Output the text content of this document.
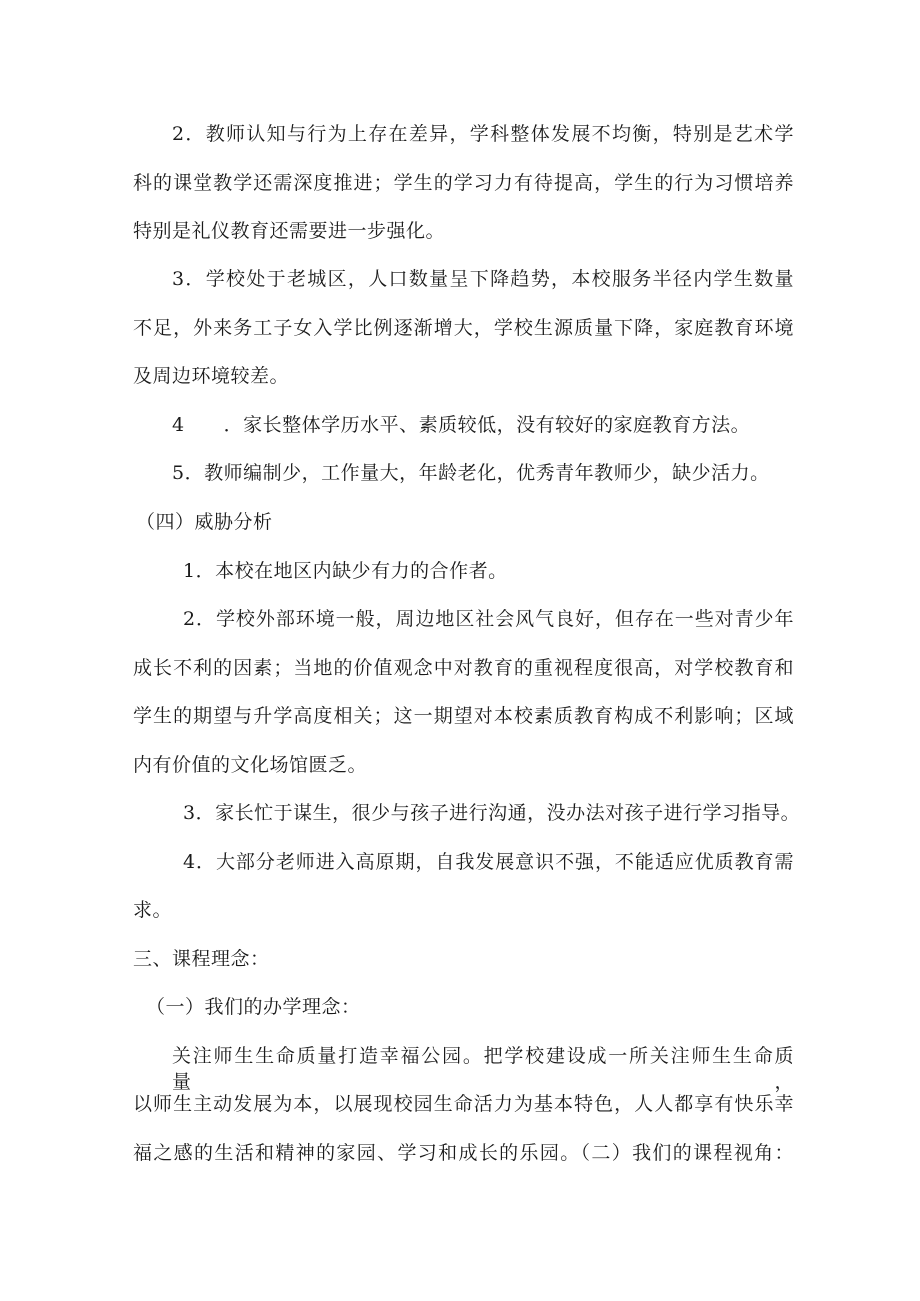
2．教师认知与行为上存在差异，学科整体发展不均衡，特别是艺术学
科的课堂教学还需深度推进；学生的学习力有待提高，学生的行为习惯培养
特别是礼仪教育还需要进一步强化。
3．学校处于老城区，人口数量呈下降趋势，本校服务半径内学生数量
不足，外来务工子女入学比例逐渐增大，学校生源质量下降，家庭教育环境
及周边环境较差。
4　　．家长整体学历水平、素质较低，没有较好的家庭教育方法。
5．教师编制少，工作量大，年龄老化，优秀青年教师少，缺少活力。
（四）威胁分析
1．本校在地区内缺少有力的合作者。
2．学校外部环境一般，周边地区社会风气良好，但存在一些对青少年
成长不利的因素；当地的价值观念中对教育的重视程度很高，对学校教育和
学生的期望与升学高度相关；这一期望对本校素质教育构成不利影响；区域
内有价值的文化场馆匮乏。
3．家长忙于谋生，很少与孩子进行沟通，没办法对孩子进行学习指导。
4．大部分老师进入高原期，自我发展意识不强，不能适应优质教育需
求。
三、课程理念：
（一）我们的办学理念：
关注师生生命质量打造幸福公园。把学校建设成一所关注师生生命质量，
以师生主动发展为本，以展现校园生命活力为基本特色，人人都享有快乐幸
福之感的生活和精神的家园、学习和成长的乐园。（二）我们的课程视角：
